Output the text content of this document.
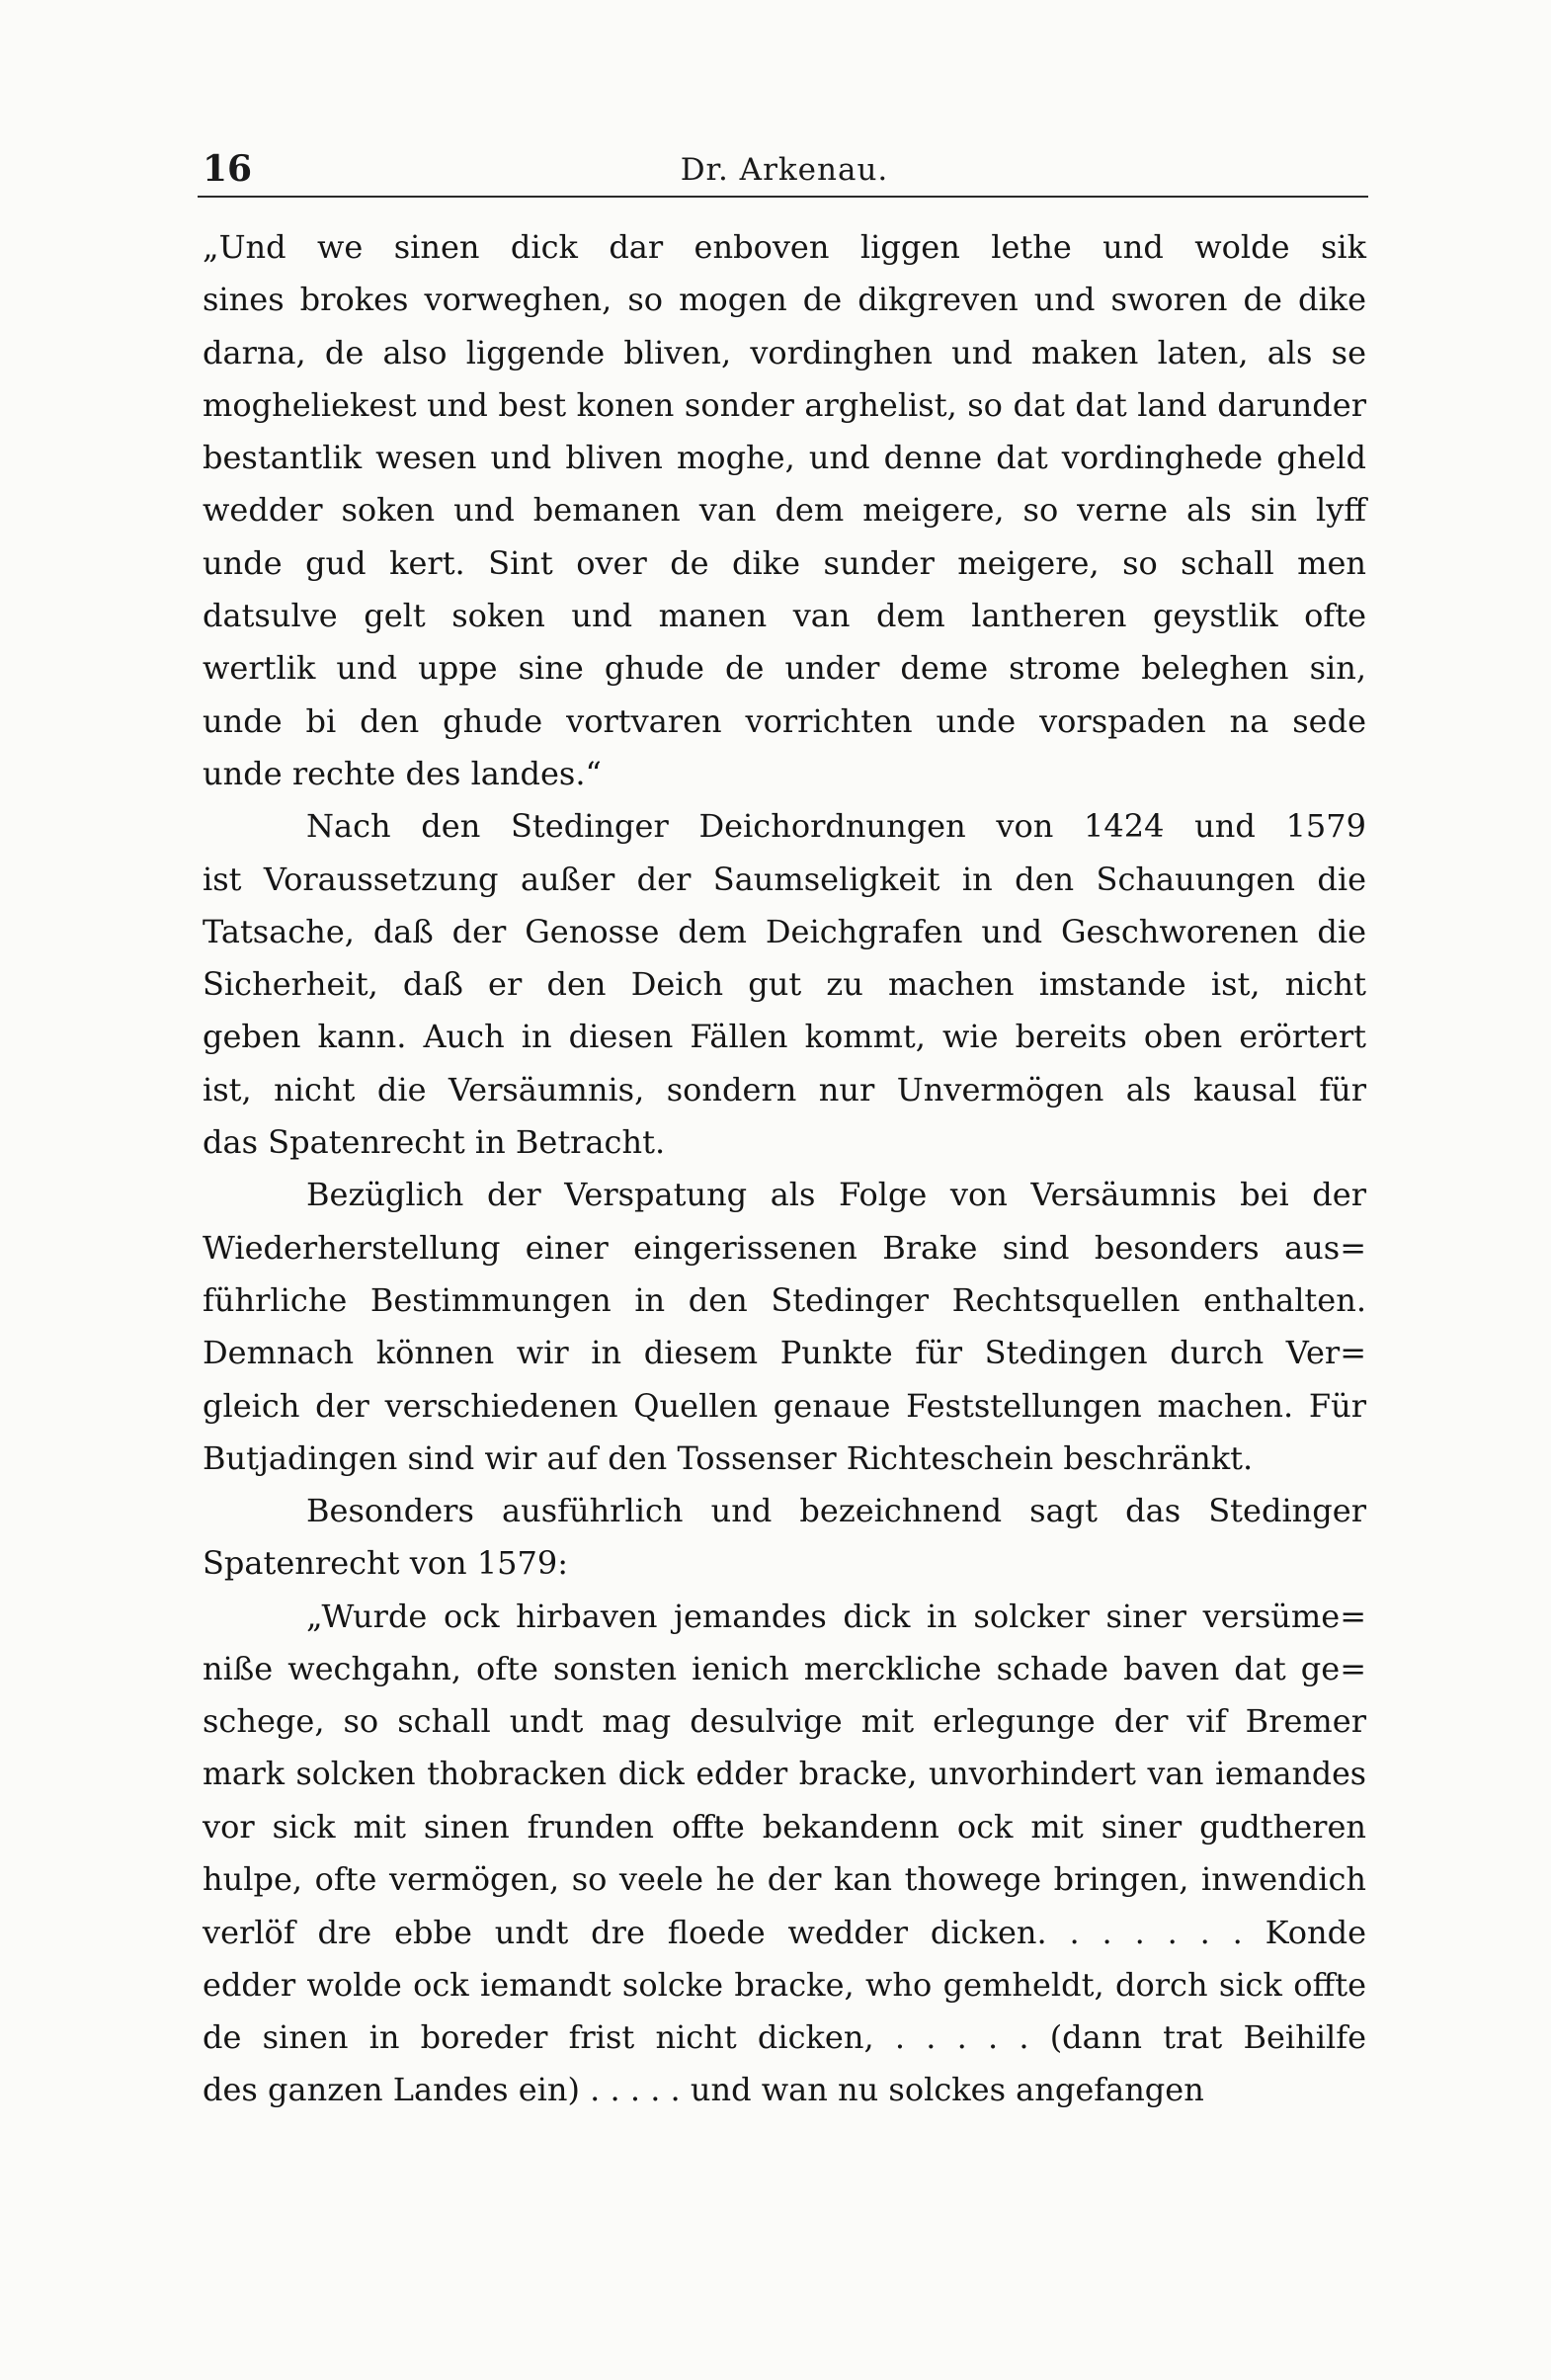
16	Dr. Arkenau.
„Und we sinen dick dar enboven liggen lethe und wolde sik
sines brokes vorweghen, so mogen de dikgreven und sworen de dike
darna, de also liggende bliven, vordinghen und maken laten, als se
mogheliekest und best konen sonder arghelist, so dat dat land darunder
bestantlik wesen und bliven moghe, und denne dat vordinghede gheld
wedder soken und bemanen van dem meigere, so verne als sin lyff
unde gud kert. Sint over de dike sunder meigere, so schall men
datsulve gelt soken und manen van dem lantheren geystlik ofte
wertlik und uppe sine ghude de under deme strome beleghen sin,
unde bi den ghude vortvaren vorrichten unde vorspaden na sede
unde rechte des landes.“
Nach den Stedinger Deichordnungen von 1424 und 1579
ist Voraussetzung außer der Saumseligkeit in den Schauungen die
Tatsache, daß der Genosse dem Deichgrafen und Geschworenen die
Sicherheit, daß er den Deich gut zu machen imstande ist, nicht
geben kann. Auch in diesen Fällen kommt, wie bereits oben erörtert
ist, nicht die Versäumnis, sondern nur Unvermögen als kausal für
das Spatenrecht in Betracht.
Bezüglich der Verspatung als Folge von Versäumnis bei der
Wiederherstellung einer eingerissenen Brake sind besonders aus=
führliche Bestimmungen in den Stedinger Rechtsquellen enthalten.
Demnach können wir in diesem Punkte für Stedingen durch Ver=
gleich der verschiedenen Quellen genaue Feststellungen machen. Für
Butjadingen sind wir auf den Tossenser Richteschein beschränkt.
Besonders ausführlich und bezeichnend sagt das Stedinger
Spatenrecht von 1579:
„Wurde ock hirbaven jemandes dick in solcker siner versüme=
niße wechgahn, ofte sonsten ienich merckliche schade baven dat ge=
schege, so schall undt mag desulvige mit erlegunge der vif Bremer
mark solcken thobracken dick edder bracke, unvorhindert van iemandes
vor sick mit sinen frunden offte bekandenn ock mit siner gudtheren
hulpe, ofte vermögen, so veele he der kan thowege bringen, inwendich
verlöf dre ebbe undt dre floede wedder dicken. . . . . . . Konde
edder wolde ock iemandt solcke bracke, who gemheldt, dorch sick offte
de sinen in boreder frist nicht dicken, . . . . . (dann trat Beihilfe
des ganzen Landes ein) . . . . . und wan nu solckes angefangen
